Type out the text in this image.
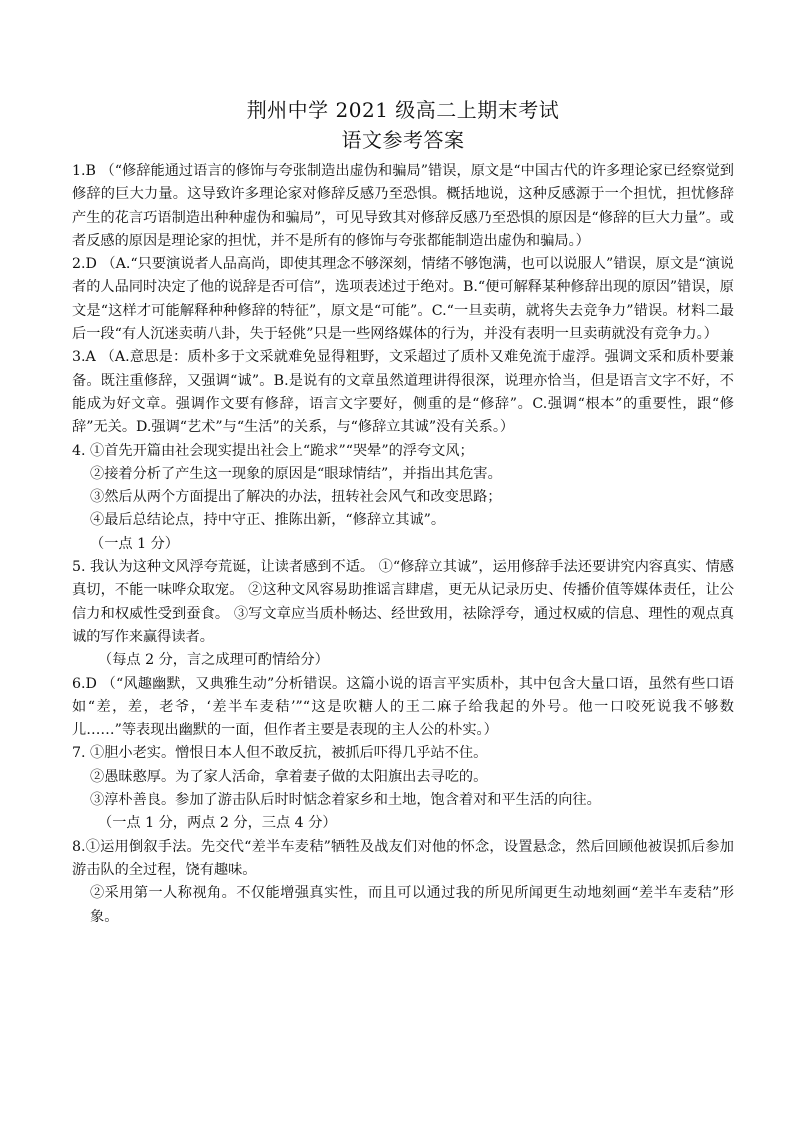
荆州中学 2021 级高二上期末考试
语文参考答案

1.B （“修辞能通过语言的修饰与夸张制造出虚伪和骗局”错误，原文是“中国古代的许多理论家已经察觉到修辞的巨大力量。这导致许多理论家对修辞反感乃至恐惧。概括地说，这种反感源于一个担忧，担忧修辞产生的花言巧语制造出种种虚伪和骗局”，可见导致其对修辞反感乃至恐惧的原因是“修辞的巨大力量”。或者反感的原因是理论家的担忧，并不是所有的修饰与夸张都能制造出虚伪和骗局。）

2.D （A.“只要演说者人品高尚，即使其理念不够深刻，情绪不够饱满，也可以说服人”错误，原文是“演说者的人品同时决定了他的说辞是否可信”，选项表述过于绝对。B.“便可解释某种修辞出现的原因”错误，原文是“这样才可能解释种种修辞的特征”，原文是“可能”。C.“一旦卖萌，就将失去竞争力”错误。材料二最后一段“有人沉迷卖萌八卦，失于轻佻”只是一些网络媒体的行为，并没有表明一旦卖萌就没有竞争力。）

3.A （A.意思是：质朴多于文采就难免显得粗野，文采超过了质朴又难免流于虚浮。强调文采和质朴要兼备。既注重修辞，又强调“诚”。B.是说有的文章虽然道理讲得很深，说理亦恰当，但是语言文字不好，不能成为好文章。强调作文要有修辞，语言文字要好，侧重的是“修辞”。C.强调“根本”的重要性，跟“修辞”无关。D.强调“艺术”与“生活”的关系，与“修辞立其诚”没有关系。）

4. ①首先开篇由社会现实提出社会上“跪求”“哭晕”的浮夸文风；

②接着分析了产生这一现象的原因是“眼球情结”，并指出其危害。

③然后从两个方面提出了解决的办法，扭转社会风气和改变思路；

④最后总结论点，持中守正、推陈出新，“修辞立其诚”。

（一点 1 分）

5. 我认为这种文风浮夸荒诞，让读者感到不适。 ①“修辞立其诚”，运用修辞手法还要讲究内容真实、情感真切，不能一味哗众取宠。 ②这种文风容易助推谣言肆虐，更无从记录历史、传播价值等媒体责任，让公信力和权威性受到蚕食。 ③写文章应当质朴畅达、经世致用，祛除浮夸，通过权威的信息、理性的观点真诚的写作来赢得读者。

（每点 2 分，言之成理可酌情给分）

6.D （“风趣幽默，又典雅生动”分析错误。这篇小说的语言平实质朴，其中包含大量口语，虽然有些口语如“差，差，老爷，‘差半车麦秸’”“这是吹糖人的王二麻子给我起的外号。他一口咬死说我不够数儿……”等表现出幽默的一面，但作者主要是表现的主人公的朴实。）

7. ①胆小老实。憎恨日本人但不敢反抗，被抓后吓得几乎站不住。

②愚昧憨厚。为了家人活命，拿着妻子做的太阳旗出去寻吃的。

③淳朴善良。参加了游击队后时时惦念着家乡和土地，饱含着对和平生活的向往。

（一点 1 分，两点 2 分，三点 4 分）

8.①运用倒叙手法。先交代“差半车麦秸”牺牲及战友们对他的怀念，设置悬念，然后回顾他被误抓后参加游击队的全过程，饶有趣味。

②采用第一人称视角。不仅能增强真实性，而且可以通过我的所见所闻更生动地刻画“差半车麦秸”形象。
